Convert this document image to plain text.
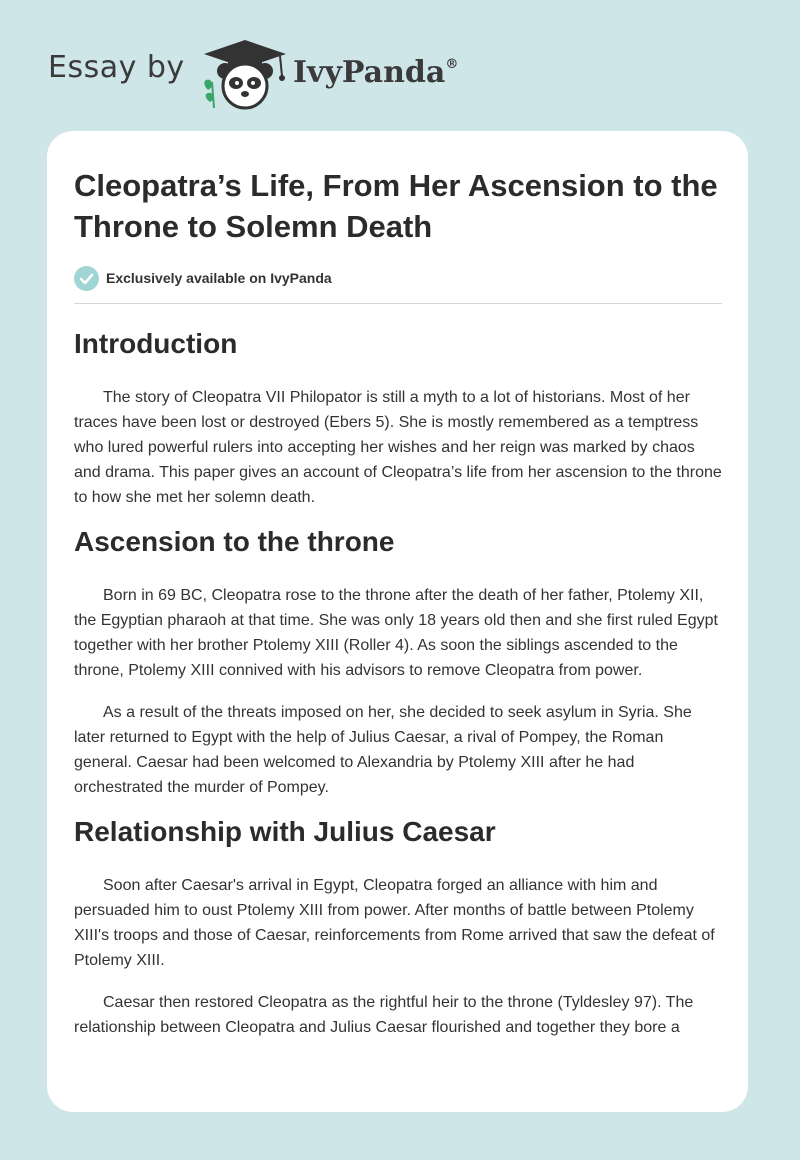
Essay by	IvyPanda®
Cleopatra’s Life, From Her Ascension to the Throne to Solemn Death
Exclusively available on IvyPanda
Introduction

The story of Cleopatra VII Philopator is still a myth to a lot of historians. Most of her traces have been lost or destroyed (Ebers 5). She is mostly remembered as a temptress who lured powerful rulers into accepting her wishes and her reign was marked by chaos and drama. This paper gives an account of Cleopatra’s life from her ascension to the throne to how she met her solemn death.

Ascension to the throne

Born in 69 BC, Cleopatra rose to the throne after the death of her father, Ptolemy XII, the Egyptian pharaoh at that time. She was only 18 years old then and she first ruled Egypt together with her brother Ptolemy XIII (Roller 4). As soon the siblings ascended to the throne, Ptolemy XIII connived with his advisors to remove Cleopatra from power.

As a result of the threats imposed on her, she decided to seek asylum in Syria. She later returned to Egypt with the help of Julius Caesar, a rival of Pompey, the Roman general. Caesar had been welcomed to Alexandria by Ptolemy XIII after he had orchestrated the murder of Pompey.

Relationship with Julius Caesar

Soon after Caesar's arrival in Egypt, Cleopatra forged an alliance with him and persuaded him to oust Ptolemy XIII from power. After months of battle between Ptolemy XIII's troops and those of Caesar, reinforcements from Rome arrived that saw the defeat of Ptolemy XIII.

Caesar then restored Cleopatra as the rightful heir to the throne (Tyldesley 97). The relationship between Cleopatra and Julius Caesar flourished and together they bore a
